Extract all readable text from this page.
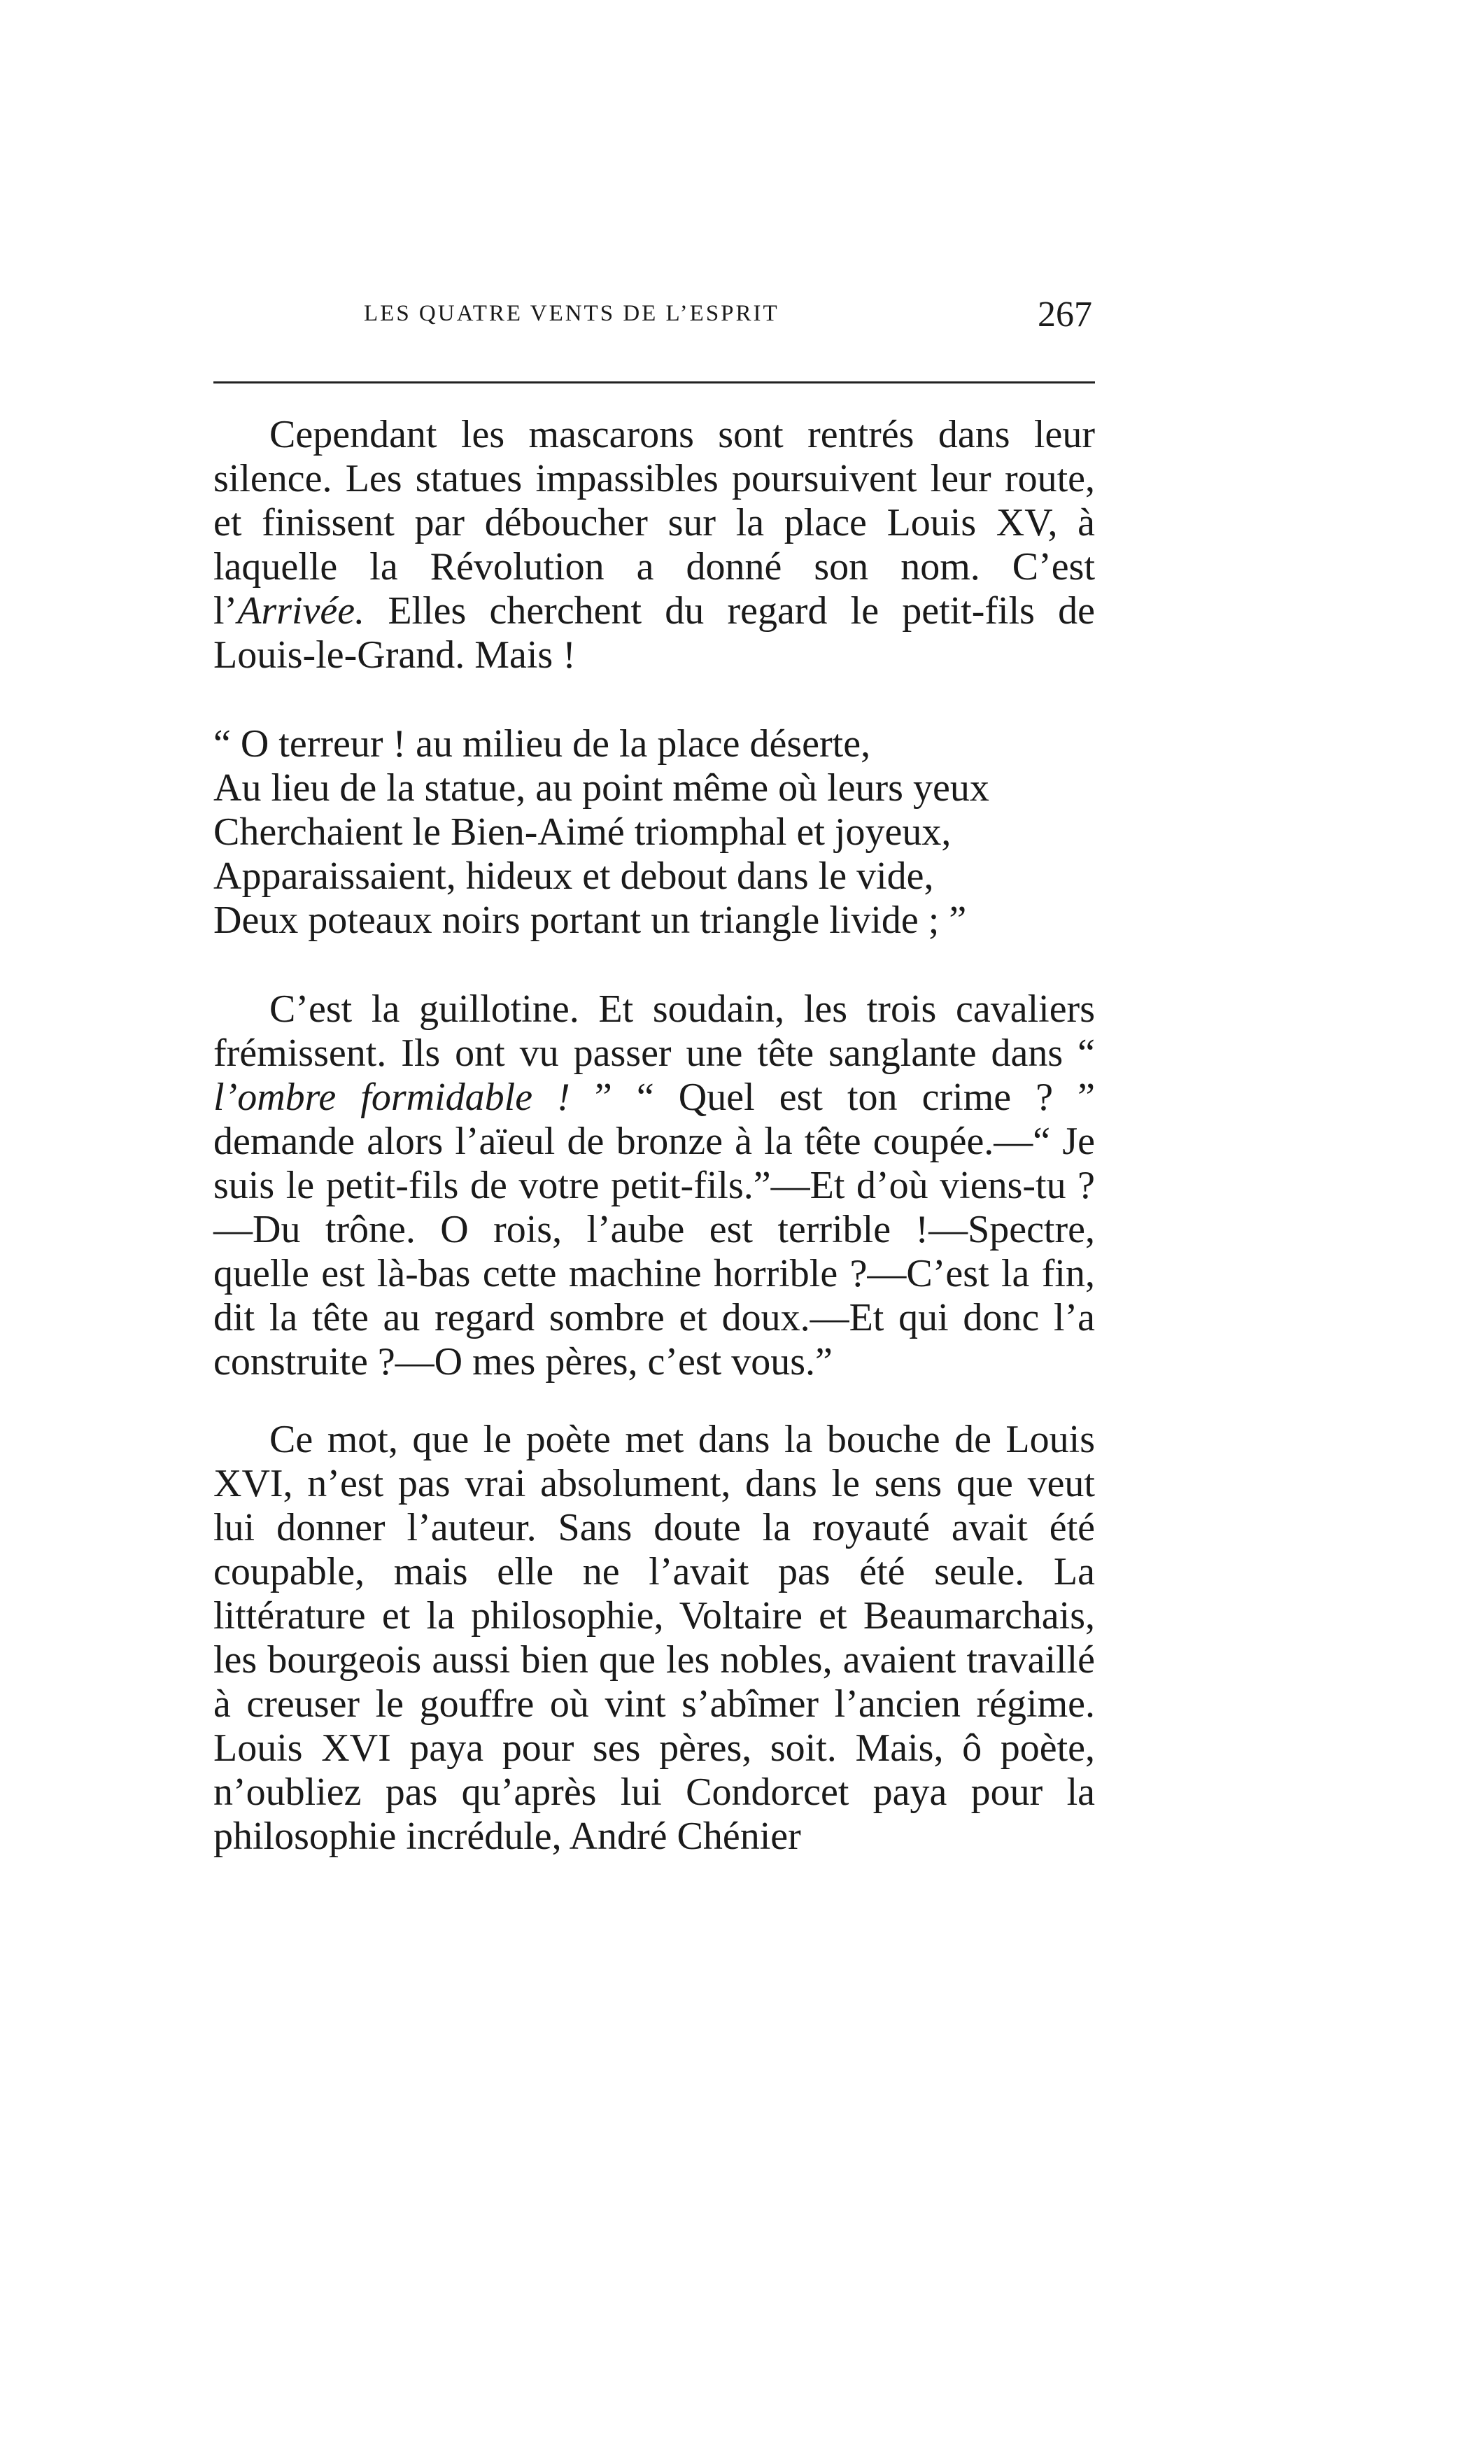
LES QUATRE VENTS DE L’ESPRIT	267

Cependant les mascarons sont rentrés dans leur silence. Les statues impassibles poursuivent leur route, et finissent par déboucher sur la place Louis XV, à laquelle la Révolution a donné son nom. C’est l’Arrivée. Elles cherchent du regard le petit-fils de Louis-le-Grand. Mais !

“ O terreur ! au milieu de la place déserte,
Au lieu de la statue, au point même où leurs yeux
Cherchaient le Bien-Aimé triomphal et joyeux,
Apparaissaient, hideux et debout dans le vide,
Deux poteaux noirs portant un triangle livide ; ”

C’est la guillotine. Et soudain, les trois cavaliers frémissent. Ils ont vu passer une tête sanglante dans “ l’ombre formidable ! ” “ Quel est ton crime ? ” demande alors l’aïeul de bronze à la tête coupée.—“ Je suis le petit-fils de votre petit-fils.”—Et d’où viens-tu ?—Du trône. O rois, l’aube est terrible !—Spectre, quelle est là-bas cette machine horrible ?—C’est la fin, dit la tête au regard sombre et doux.—Et qui donc l’a construite ?—O mes pères, c’est vous.”

Ce mot, que le poète met dans la bouche de Louis XVI, n’est pas vrai absolument, dans le sens que veut lui donner l’auteur. Sans doute la royauté avait été coupable, mais elle ne l’avait pas été seule. La littérature et la philosophie, Voltaire et Beaumarchais, les bourgeois aussi bien que les nobles, avaient travaillé à creuser le gouffre où vint s’abîmer l’ancien régime. Louis XVI paya pour ses pères, soit. Mais, ô poète, n’oubliez pas qu’après lui Condorcet paya pour la philosophie incrédule, André Chénier
